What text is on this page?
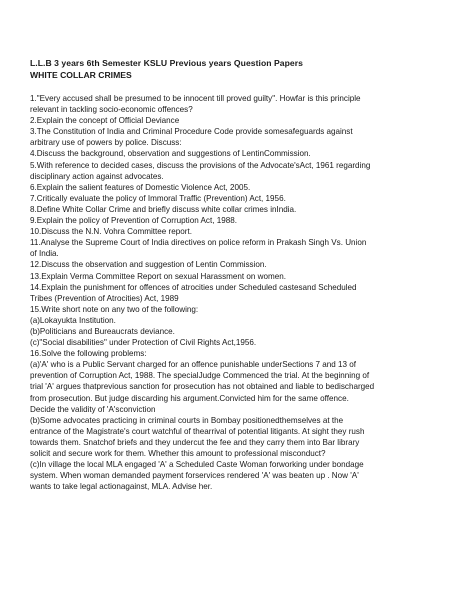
L.L.B 3 years 6th Semester KSLU Previous years Question Papers

WHITE COLLAR CRIMES

1."Every accused shall be presumed to be innocent till proved guilty". Howfar is this principle
relevant in tackling socio-economic offences?
2.Explain the concept of Official Deviance
3.The Constitution of India and Criminal Procedure Code provide somesafeguards against
arbitrary use of powers by police. Discuss:
4.Discuss the background, observation and suggestions of LentinCommission.
5.With reference to decided cases, discuss the provisions of the Advocate'sAct, 1961 regarding
disciplinary action against advocates.
6.Explain the salient features of Domestic Violence Act, 2005.
7.Critically evaluate the policy of Immoral Traffic (Prevention) Act, 1956.
8.Define White Collar Crime and briefly discuss white collar crimes inIndia.
9.Explain the policy of Prevention of Corruption Act, 1988.
10.Discuss the N.N. Vohra Committee report.
11.Analyse the Supreme Court of India directives on police reform in Prakash Singh Vs. Union
of India.
12.Discuss the observation and suggestion of Lentin Commission.
13.Explain Verma Committee Report on sexual Harassment on women.
14.Explain the punishment for offences of atrocities under Scheduled castesand Scheduled
Tribes (Prevention of Atrocities) Act, 1989
15.Write short note on any two of the following:
(a)Lokayukta Institution.
(b)Politicians and Bureaucrats deviance.
(c)"Social disabilities" under Protection of Civil Rights Act,1956.
16.Solve the following problems:
(a)'A' who is a Public Servant charged for an offence punishable underSections 7 and 13 of
prevention of Corruption Act, 1988. The specialJudge Commenced the trial. At the beginning of
trial 'A' argues thatprevious sanction for prosecution has not obtained and liable to bedischarged
from prosecution. But judge discarding his argument.Convicted him for the same offence.
Decide the validity of 'A'sconviction
(b)Some advocates practicing in criminal courts in Bombay positionedthemselves at the
entrance of the Magistrate's court watchful of thearrival of potential litigants. At sight they rush
towards them. Snatchof briefs and they undercut the fee and they carry them into Bar library
solicit and secure work for them. Whether this amount to professional misconduct?
(c)In village the local MLA engaged 'A' a Scheduled Caste Woman forworking under bondage
system. When woman demanded payment forservices rendered 'A' was beaten up . Now 'A'
wants to take legal actionagainst, MLA. Advise her.
